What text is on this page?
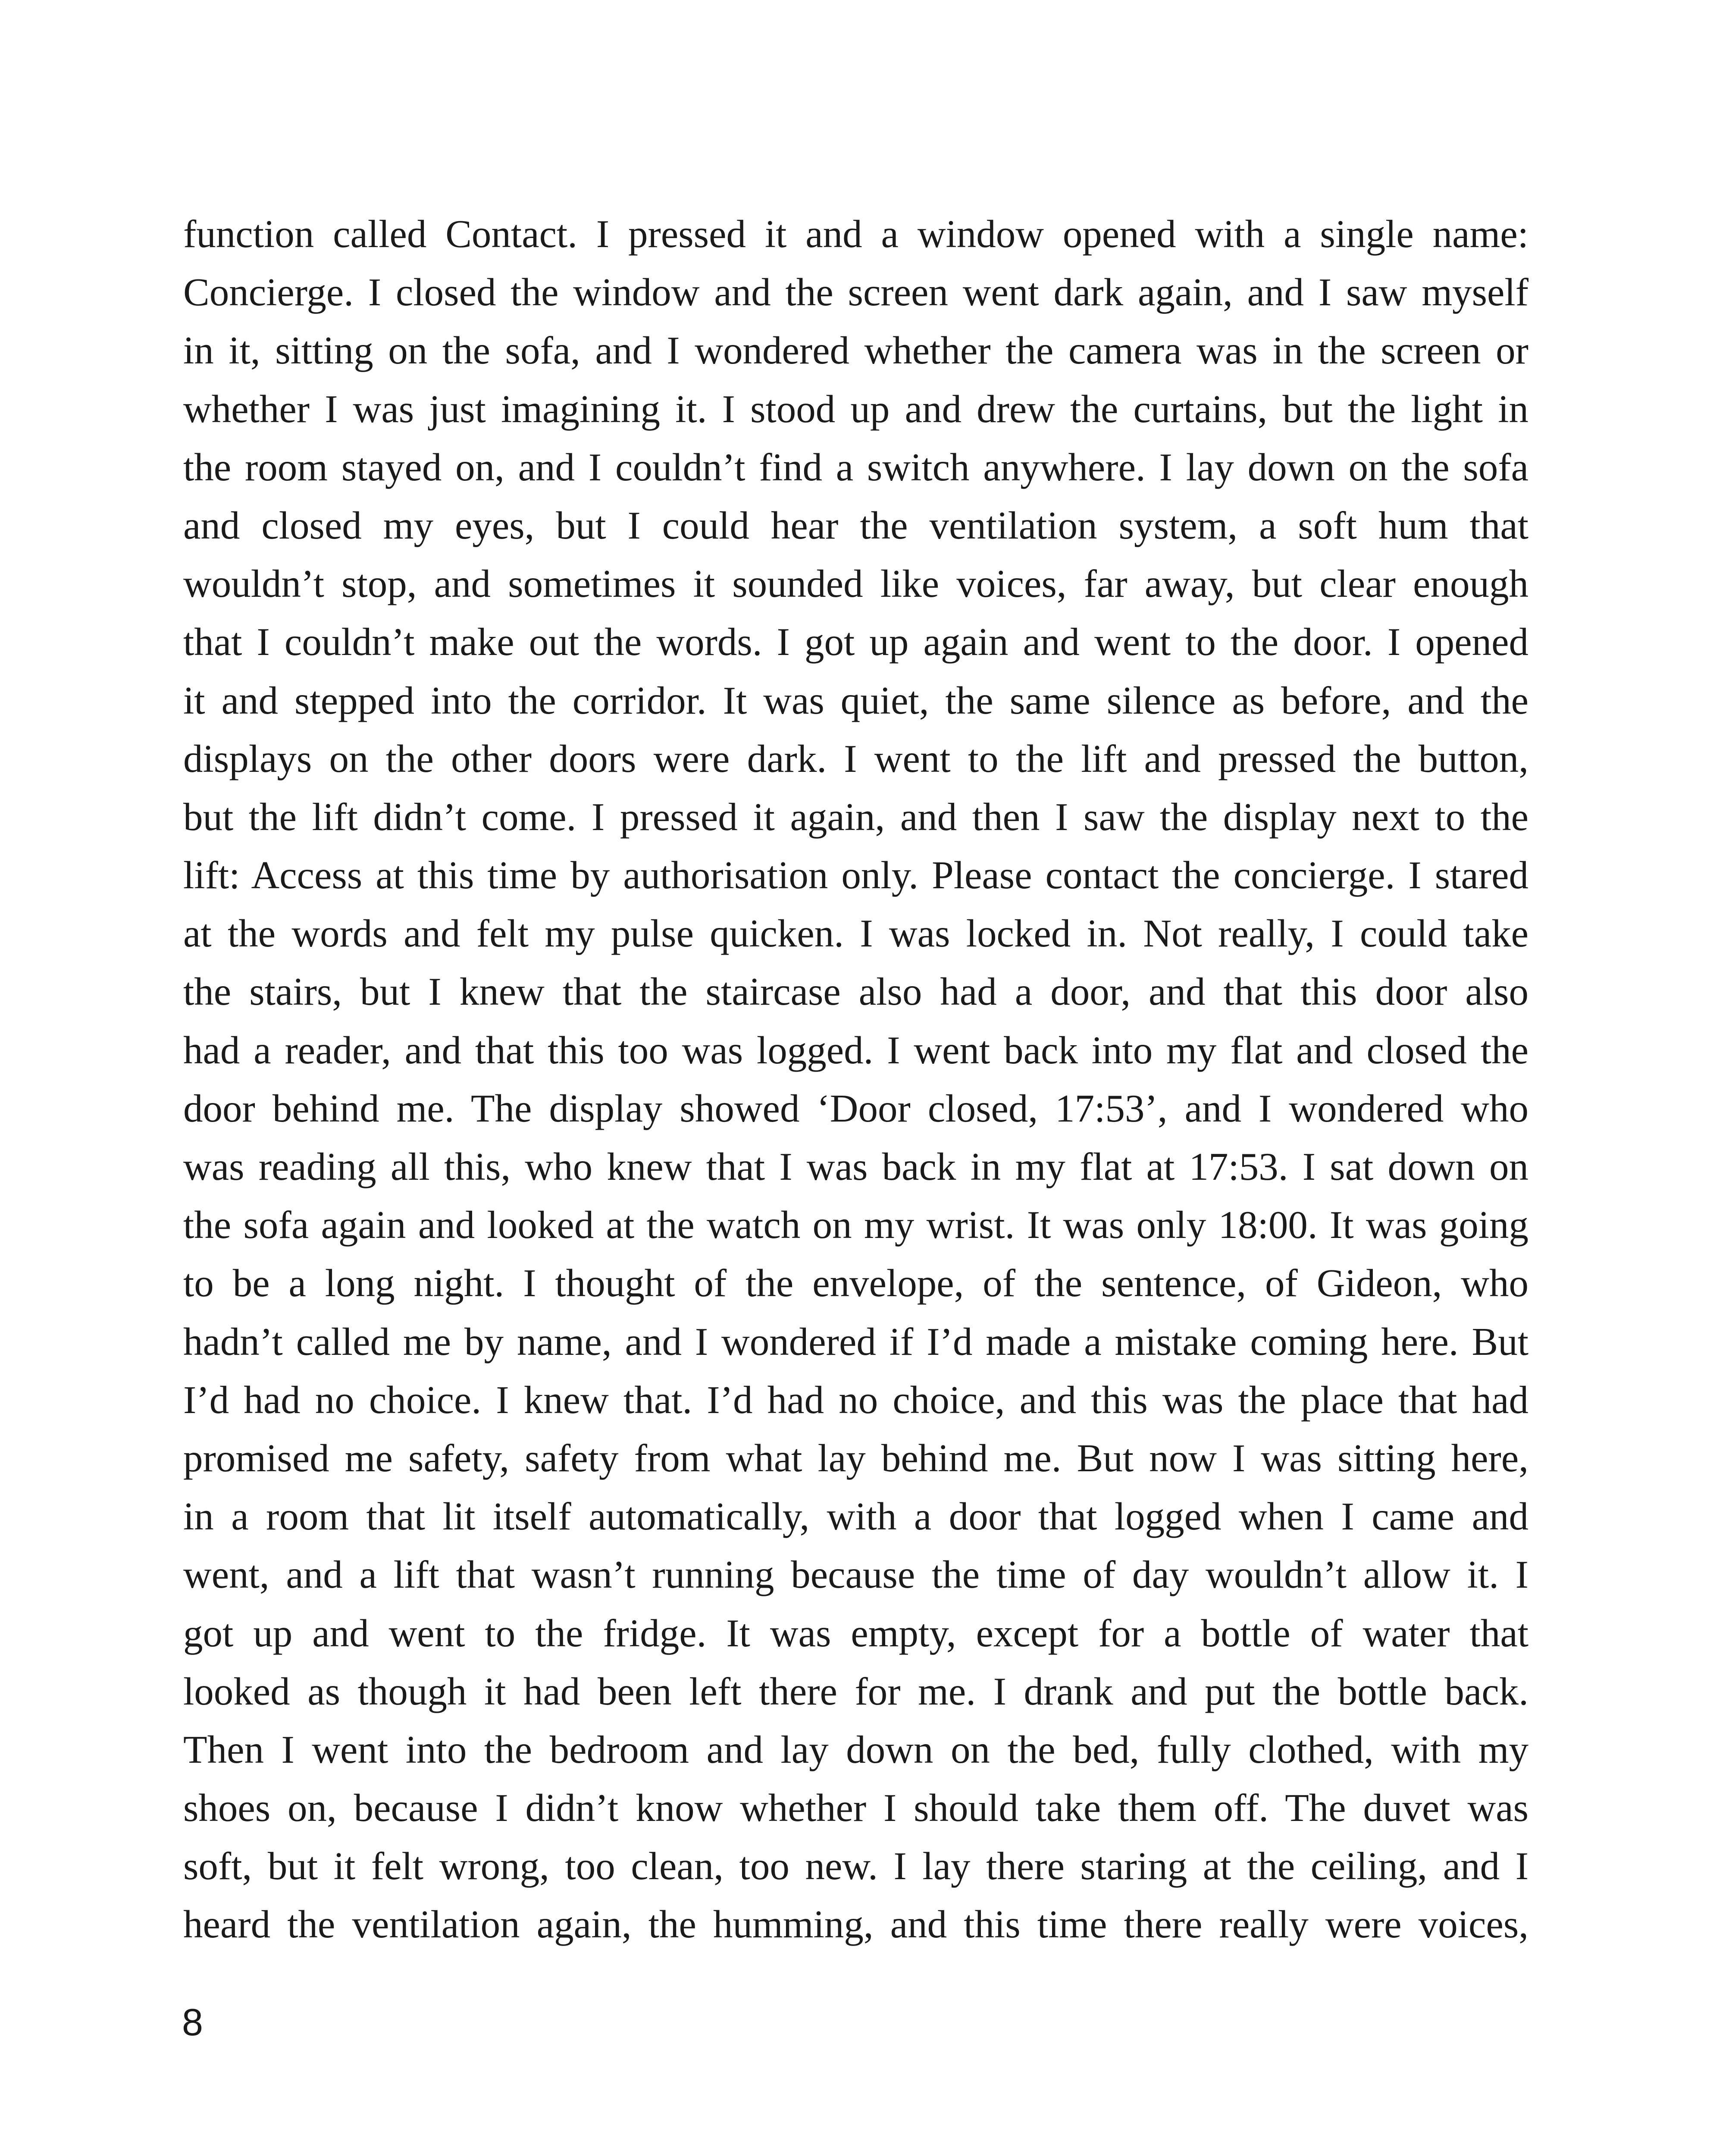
function called Contact. I pressed it and a window opened with a single name:
Concierge. I closed the window and the screen went dark again, and I saw myself
in it, sitting on the sofa, and I wondered whether the camera was in the screen or
whether I was just imagining it. I stood up and drew the curtains, but the light in
the room stayed on, and I couldn’t find a switch anywhere. I lay down on the sofa
and closed my eyes, but I could hear the ventilation system, a soft hum that
wouldn’t stop, and sometimes it sounded like voices, far away, but clear enough
that I couldn’t make out the words. I got up again and went to the door. I opened
it and stepped into the corridor. It was quiet, the same silence as before, and the
displays on the other doors were dark. I went to the lift and pressed the button,
but the lift didn’t come. I pressed it again, and then I saw the display next to the
lift: Access at this time by authorisation only. Please contact the concierge. I stared
at the words and felt my pulse quicken. I was locked in. Not really, I could take
the stairs, but I knew that the staircase also had a door, and that this door also
had a reader, and that this too was logged. I went back into my flat and closed the
door behind me. The display showed ‘Door closed, 17:53’, and I wondered who
was reading all this, who knew that I was back in my flat at 17:53. I sat down on
the sofa again and looked at the watch on my wrist. It was only 18:00. It was going
to be a long night. I thought of the envelope, of the sentence, of Gideon, who
hadn’t called me by name, and I wondered if I’d made a mistake coming here. But
I’d had no choice. I knew that. I’d had no choice, and this was the place that had
promised me safety, safety from what lay behind me. But now I was sitting here,
in a room that lit itself automatically, with a door that logged when I came and
went, and a lift that wasn’t running because the time of day wouldn’t allow it. I
got up and went to the fridge. It was empty, except for a bottle of water that
looked as though it had been left there for me. I drank and put the bottle back.
Then I went into the bedroom and lay down on the bed, fully clothed, with my
shoes on, because I didn’t know whether I should take them off. The duvet was
soft, but it felt wrong, too clean, too new. I lay there staring at the ceiling, and I
heard the ventilation again, the humming, and this time there really were voices,
8
